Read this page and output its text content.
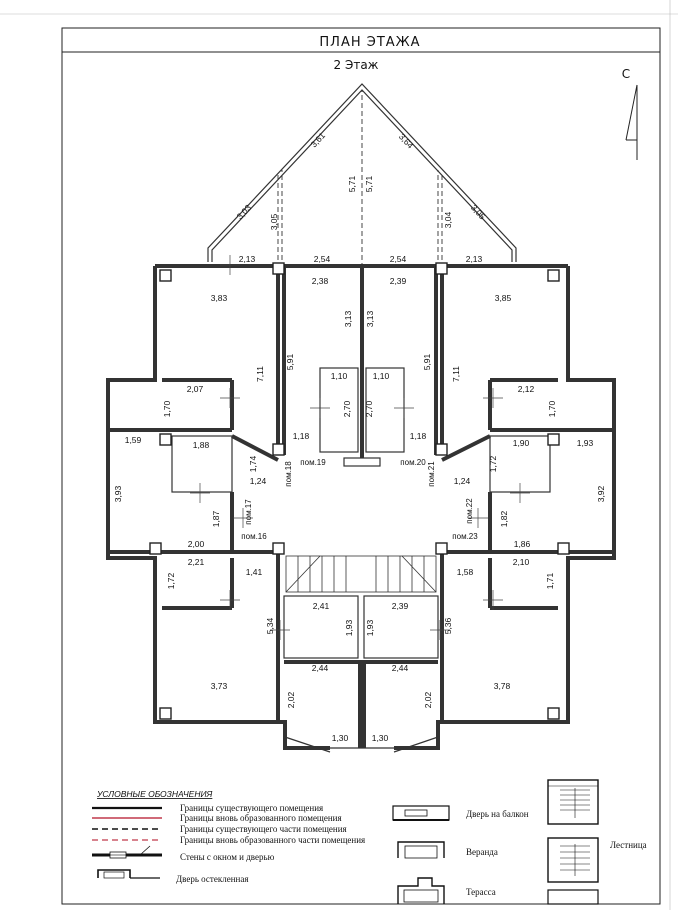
ПЛАН ЭТАЖА
2 Этаж
С
3,61	3,64
5,71 5,71
3,03
3,05	3,04 3,05
2,13	2,54	2,54	2,13
2,38	2,39
3,83	3,85
3,13 3,13
7,11	7,11
5,91	5,91
1,10	1,10
2,70 2,70
2,07	2,12
1,70	1,70
1,18	1,18
1,59	1,88	1,90	1,93
1,74	1,72
3,93	3,92
1,24	1,24
1,87	1,82
2,00	1,86
2,21	2,10
1,72	1,71
1,41	1,58
2,41	2,39
1,93 1,93
5,34	5,36
2,44	2,44
3,73	3,78
2,02	2,02
1,30	1,30
пом.16
пом.17
пом.18 пом.19	пом.20 пом.21
пом.22
пом.23
УСЛОВНЫЕ ОБОЗНАЧЕНИЯ
Границы существующего помещения
Границы вновь образованного помещения
Границы существующего части помещения
Границы вновь образованного части помещения
Стены с окном и дверью
Дверь остекленная
Дверь на балкон
Веранда
Терасса
Лестница
